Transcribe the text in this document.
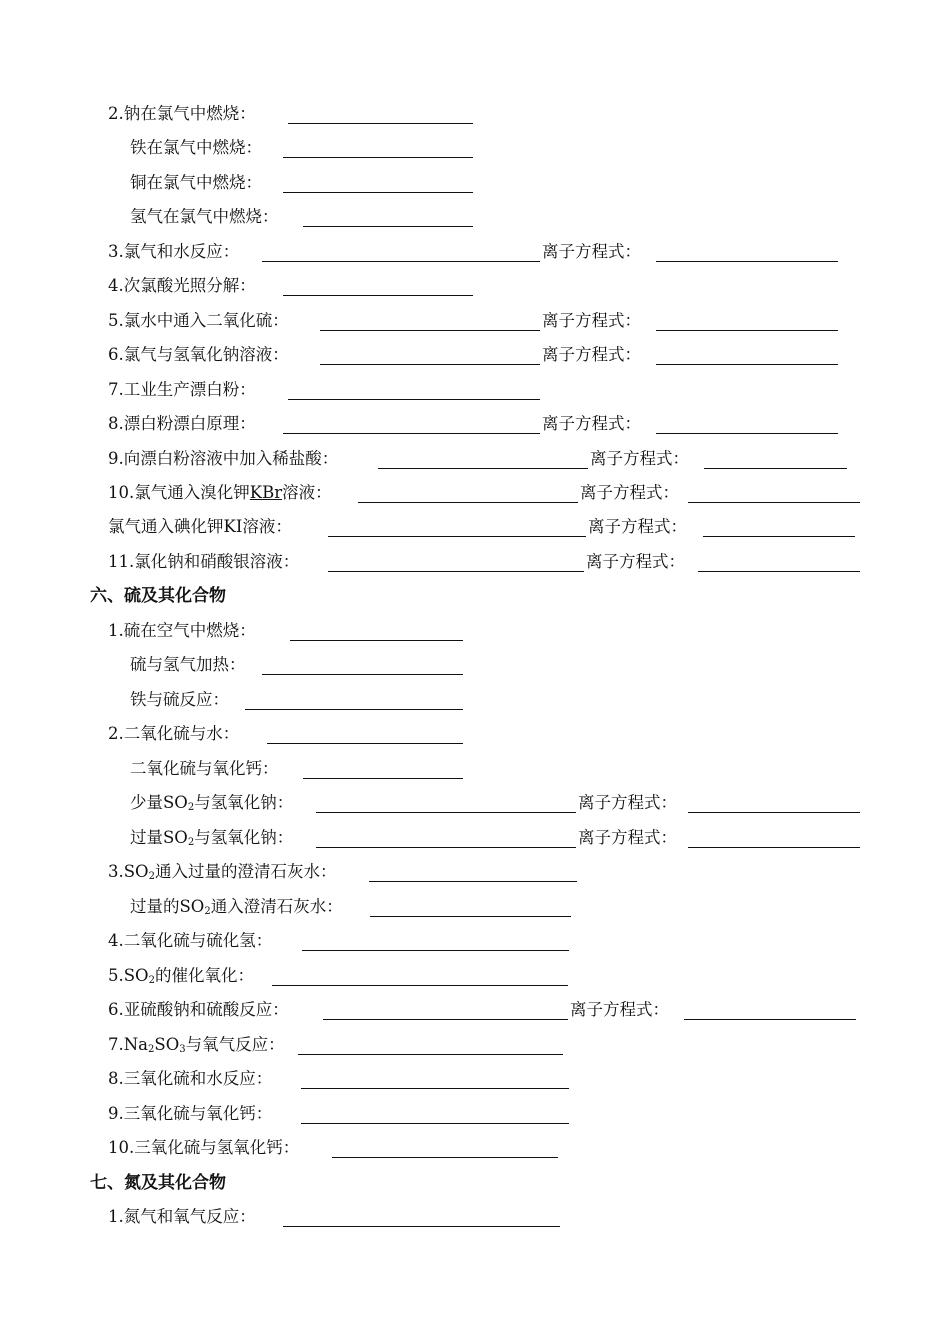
2.钠在氯气中燃烧：
铁在氯气中燃烧：
铜在氯气中燃烧：
氢气在氯气中燃烧：
3.氯气和水反应：	离子方程式：
4.次氯酸光照分解：
5.氯水中通入二氧化硫：	离子方程式：
6.氯气与氢氧化钠溶液：	离子方程式：
7.工业生产漂白粉：
8.漂白粉漂白原理：	离子方程式：
9.向漂白粉溶液中加入稀盐酸：	离子方程式：
10.氯气通入溴化钾KBr溶液：	离子方程式：
氯气通入碘化钾KI溶液：	离子方程式：
11.氯化钠和硝酸银溶液：	离子方程式：
六、硫及其化合物
1.硫在空气中燃烧：
硫与氢气加热：
铁与硫反应：
2.二氧化硫与水：
二氧化硫与氧化钙：
少量$SO_2$与氢氧化钠：	离子方程式：
过量$SO_2$与氢氧化钠：	离子方程式：
$3.SO_2$通入过量的澄清石灰水：
过量的$SO_2$通入澄清石灰水：
4.二氧化硫与硫化氢：
$5.SO_2$的催化氧化：
6.亚硫酸钠和硫酸反应：	离子方程式：
$7.Na_2SO_3$与氧气反应：
8.三氧化硫和水反应：
9.三氧化硫与氧化钙：
10.三氧化硫与氢氧化钙：
七、氮及其化合物
1.氮气和氧气反应：
